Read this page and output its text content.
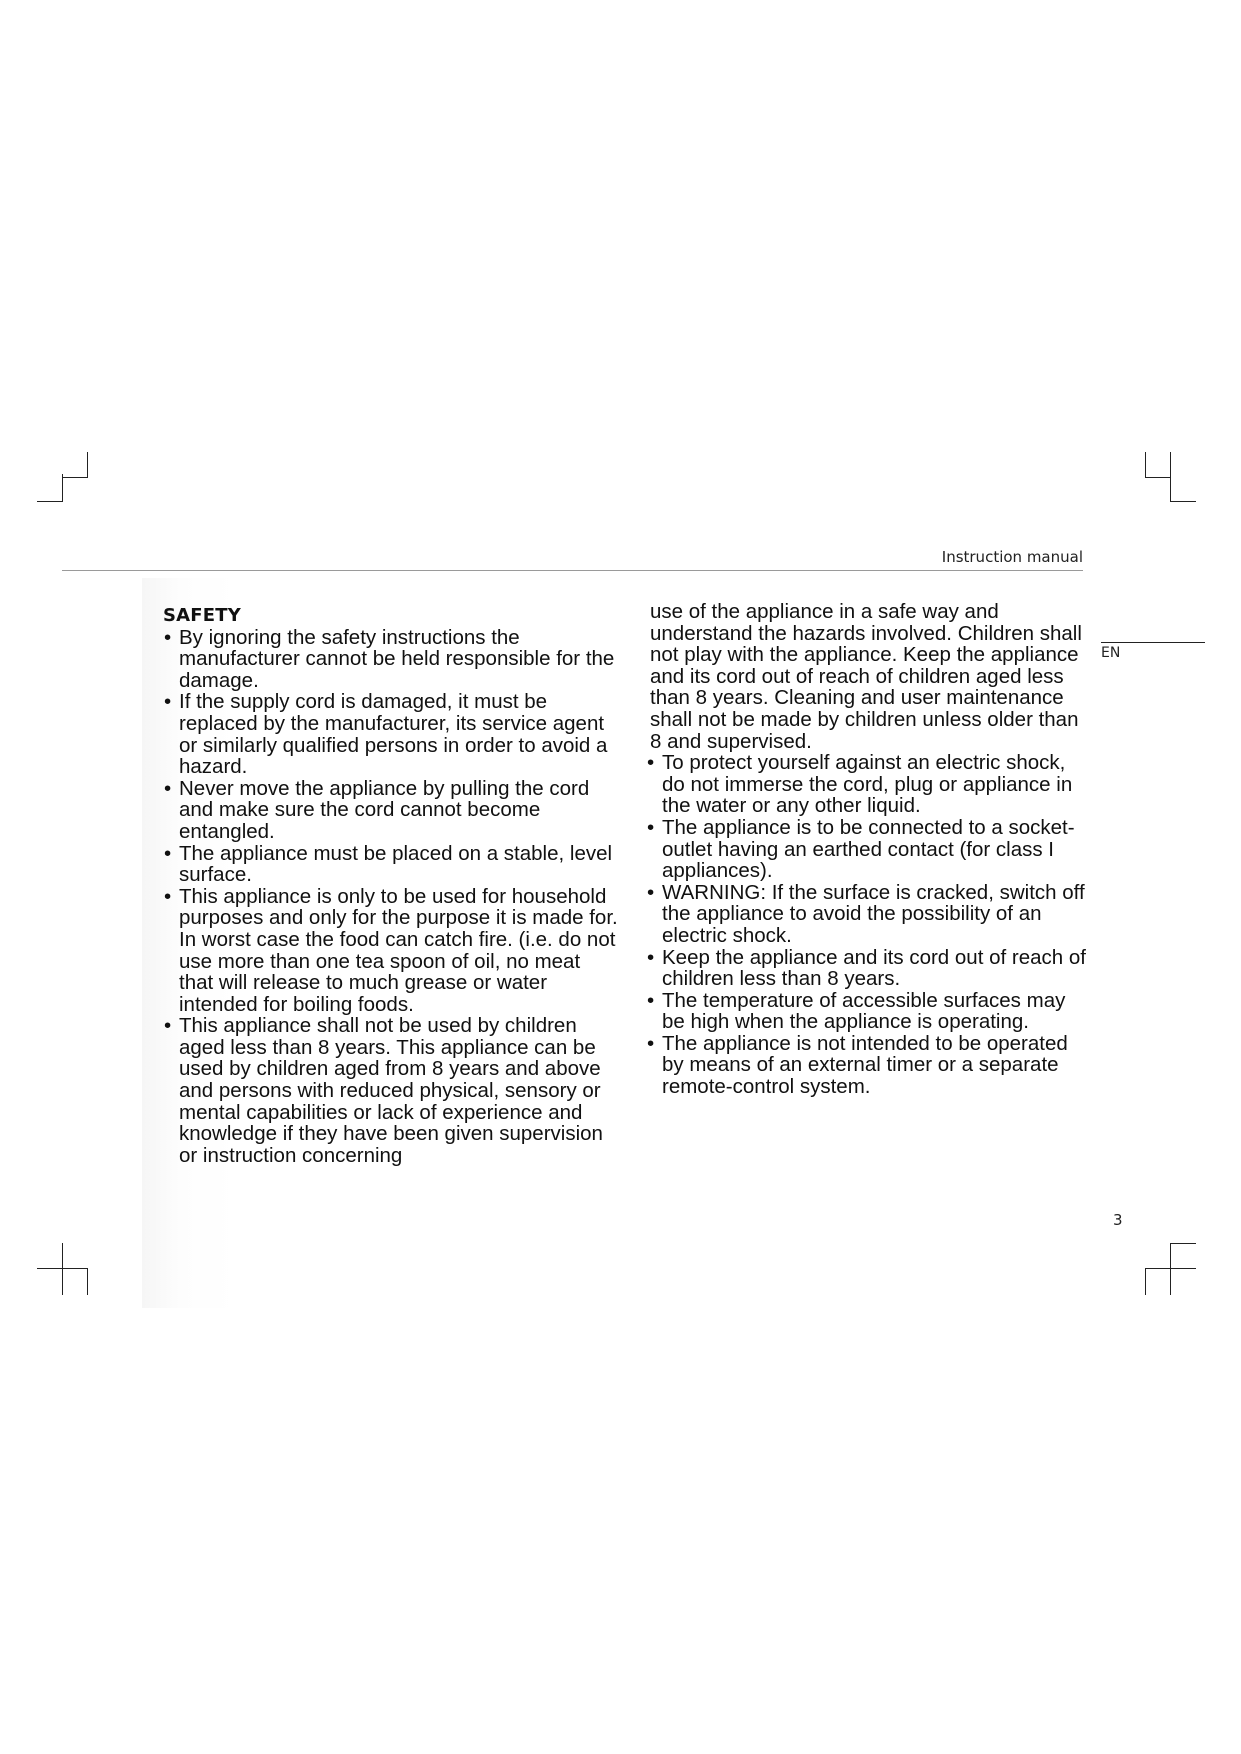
Instruction manual
EN
SAFETY
• By ignoring the safety instructions the manufacturer cannot be held responsible for the damage.
• If the supply cord is damaged, it must be replaced by the manufacturer, its service agent or similarly qualified persons in order to avoid a hazard.
• Never move the appliance by pulling the cord and make sure the cord cannot become entangled.
• The appliance must be placed on a stable, level surface.
• This appliance is only to be used for household purposes and only for the purpose it is made for. In worst case the food can catch fire. (i.e. do not use more than one tea spoon of oil, no meat that will release to much grease or water intended for boiling foods.
• This appliance shall not be used by children aged less than 8 years. This appliance can be used by children aged from 8 years and above and persons with reduced physical, sensory or mental capabilities or lack of experience and knowledge if they have been given supervision or instruction concerning
use of the appliance in a safe way and understand the hazards involved. Children shall not play with the appliance. Keep the appliance and its cord out of reach of children aged less than 8 years. Cleaning and user maintenance shall not be made by children unless older than 8 and supervised.
• To protect yourself against an electric shock, do not immerse the cord, plug or appliance in the water or any other liquid.
• The appliance is to be connected to a socket-outlet having an earthed contact (for class I appliances).
• WARNING: If the surface is cracked, switch off the appliance to avoid the possibility of an electric shock.
• Keep the appliance and its cord out of reach of children less than 8 years.
• The temperature of accessible surfaces may be high when the appliance is operating.
• The appliance is not intended to be operated by means of an external timer or a separate remote-control system.
3
